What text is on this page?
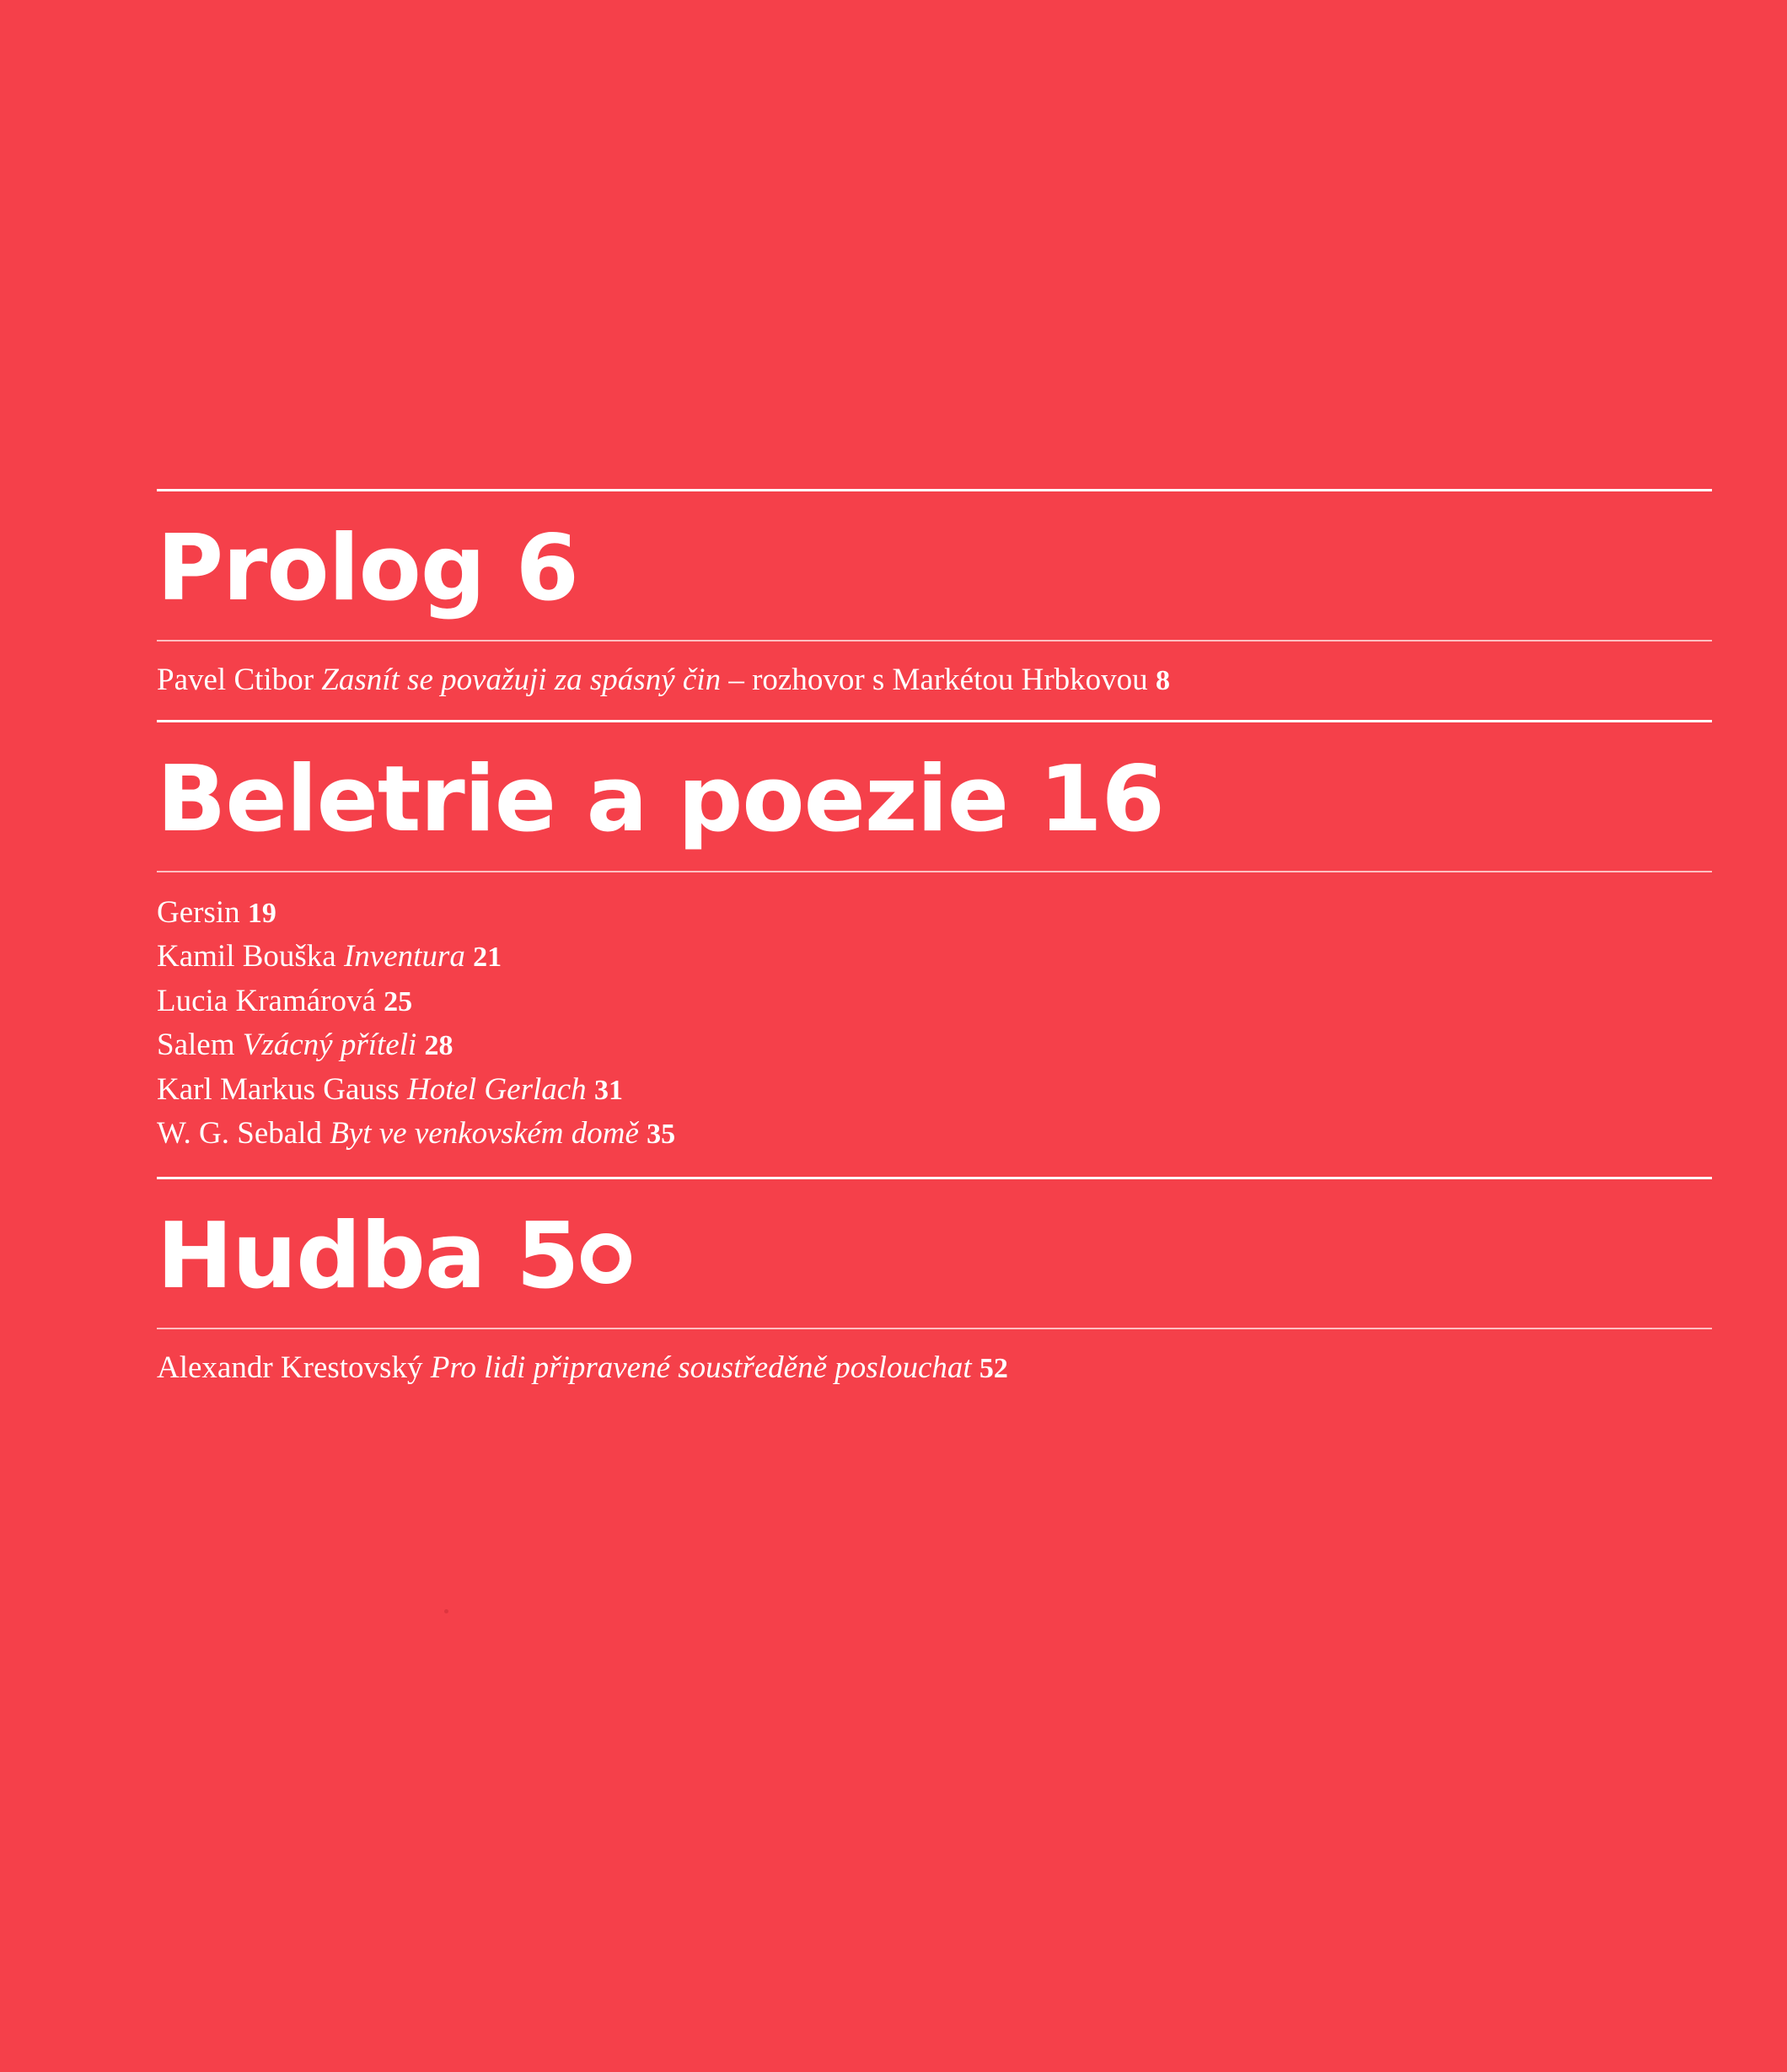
Prolog 6
Pavel Ctibor Zasnít se považuji za spásný čin – rozhovor s Markétou Hrbkovou 8
Beletrie a poezie 16
Gersin 19
Kamil Bouška Inventura 21
Lucia Kramárová 25
Salem Vzácný příteli 28
Karl Markus Gauss Hotel Gerlach 31
W. G. Sebald Byt ve venkovském domě 35
Hudba 5
Alexandr Krestovský Pro lidi připravené soustředěně poslouchat 52
